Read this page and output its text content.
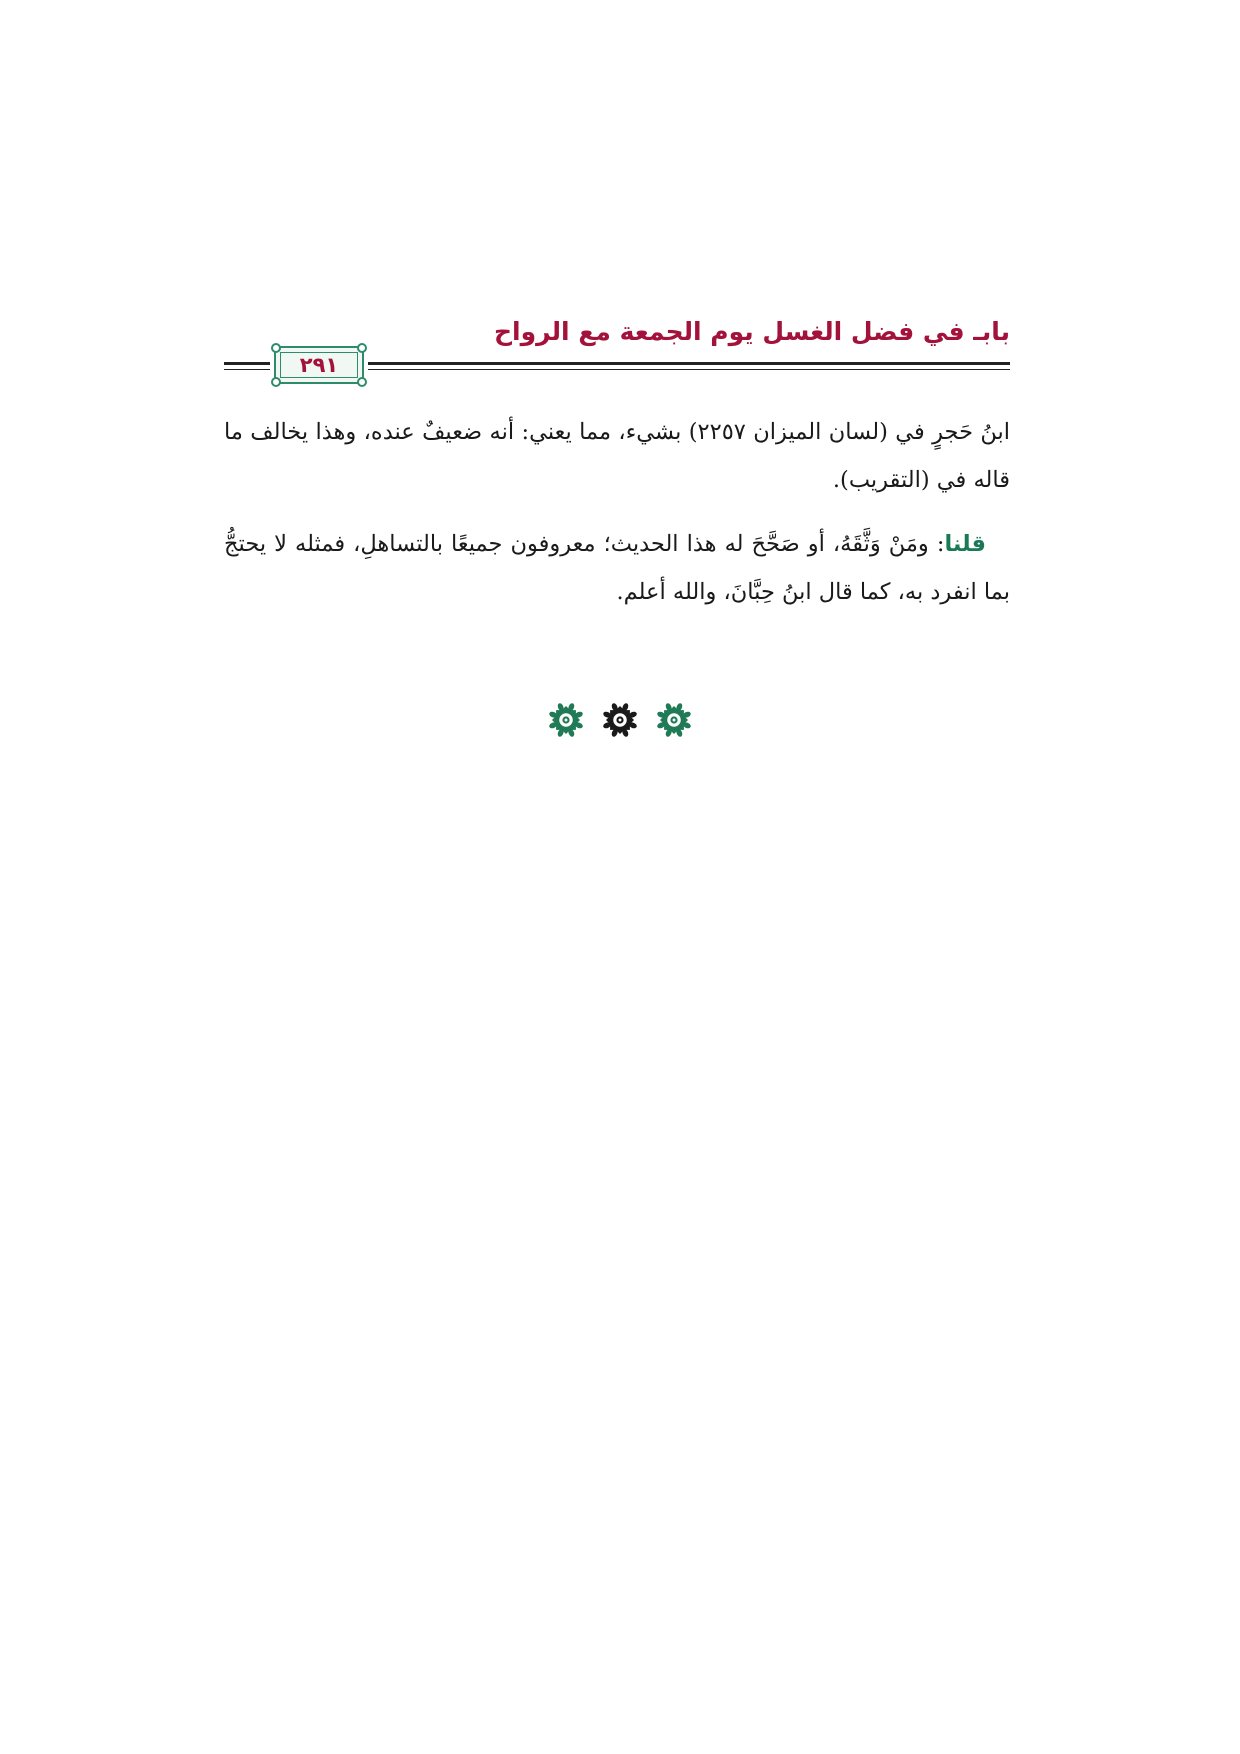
بابـ في فضل الغسل يوم الجمعة مع الرواح
٢٩١

ابنُ حَجرٍ في (لسان الميزان ٢٢٥٧) بشيء، مما يعني: أنه ضعيفٌ عنده، وهذا يخالف ما قاله في (التقريب).

قلنا: ومَنْ وَثَّقَهُ، أو صَحَّحَ له هذا الحديث؛ معروفون جميعًا بالتساهلِ، فمثله لا يحتجُّ بما انفرد به، كما قال ابنُ حِبَّانَ، والله أعلم.
